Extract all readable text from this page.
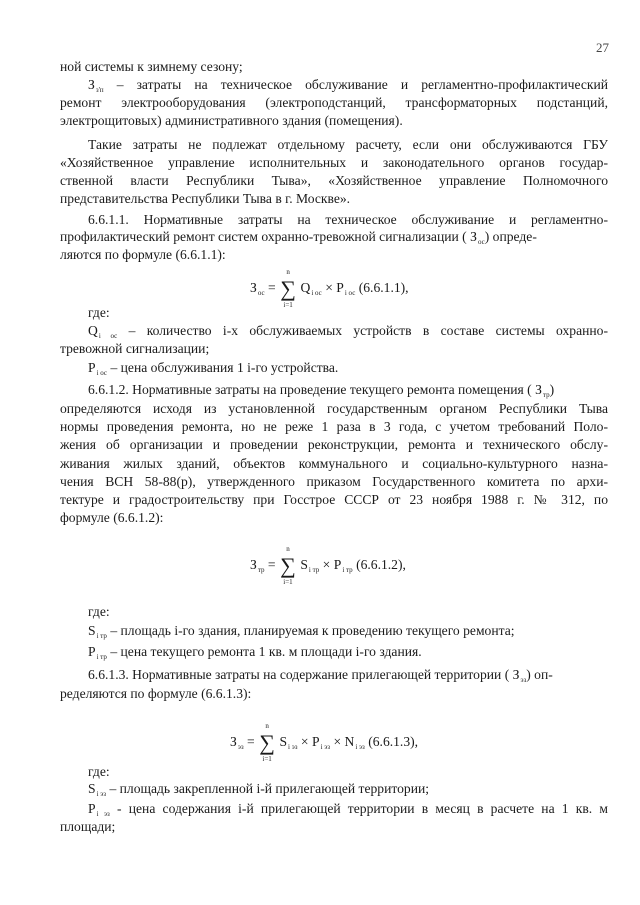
27
ной системы к зимнему сезону;
$З_{з'п}$ – затраты на техническое обслуживание и регламентно-профилактический
ремонт электрооборудования (электроподстанций, трансформаторных подстанций,
электрощитовых) административного здания (помещения).
Такие затраты не подлежат отдельному расчету, если они обслуживаются ГБУ
«Хозяйственное управление исполнительных и законодательного органов государ-
ственной власти Республики Тыва», «Хозяйственное управление Полномочного
представительства Республики Тыва в г. Москве».
6.6.1.1. Нормативные затраты на техническое обслуживание и регламентно-
профилактический ремонт систем охранно-тревожной сигнализации ( $З_{ос}$) опреде-
ляются по формуле (6.6.1.1):
$З_{ос}$ =
n
∑
i=1
$Q_{i ос} \times P_{i ос}$ (6.6.1.1),
где:
$Q_{i ос}$ – количество i-х обслуживаемых устройств в составе системы охранно-
тревожной сигнализации;
$P_{i ос}$ – цена обслуживания 1 i-го устройства.
6.6.1.2. Нормативные затраты на проведение текущего ремонта помещения ( $З_{тр}$)
определяются исходя из установленной государственным органом Республики Тыва
нормы проведения ремонта, но не реже 1 раза в 3 года, с учетом требований Поло-
жения об организации и проведении реконструкции, ремонта и технического обслу-
живания жилых зданий, объектов коммунального и социально-культурного назна-
чения ВСН 58-88(р), утвержденного приказом Государственного комитета по архи-
тектуре и градостроительству при Госстрое СССР от 23 ноября 1988 г. № 312, по
формуле (6.6.1.2):
$З_{тр}$ =
n
∑
i=1
$S_{i тр} \times P_{i тр}$ (6.6.1.2),
где:
$S_{i тр}$ – площадь i-го здания, планируемая к проведению текущего ремонта;
$P_{i тр}$ – цена текущего ремонта 1 кв. м площади i-го здания.
6.6.1.3. Нормативные затраты на содержание прилегающей территории ( $З_{эз}$) оп-
ределяются по формуле (6.6.1.3):
$З_{эз}$ =
n
∑
i=1
$S_{i эз} \times P_{i эз} \times N_{i эз}$ (6.6.1.3),
где:
$S_{i эз}$ – площадь закрепленной i-й прилегающей территории;
$P_{i эз}$ - цена содержания i-й прилегающей территории в месяц в расчете на 1 кв. м
площади;
